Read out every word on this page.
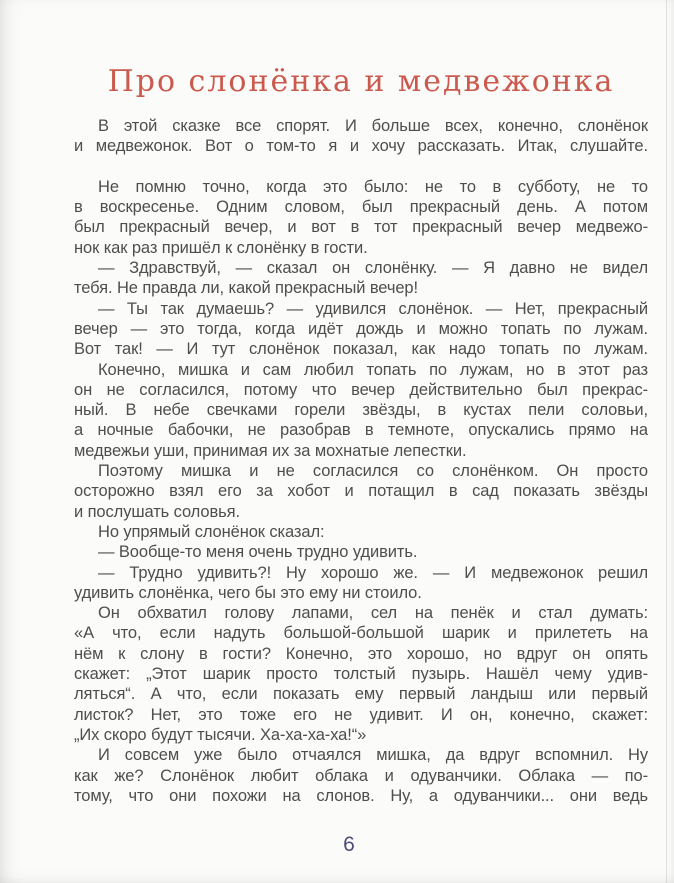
Про слонёнка и медвежонка
В этой сказке все спорят. И больше всех, конечно, слонёнок
и медвежонок. Вот о том-то я и хочу рассказать. Итак, слушайте.
Не помню точно, когда это было: не то в субботу, не то
в воскресенье. Одним словом, был прекрасный день. А потом
был прекрасный вечер, и вот в тот прекрасный вечер медвежо-
нок как раз пришёл к слонёнку в гости.
— Здравствуй, — сказал он слонёнку. — Я давно не видел
тебя. Не правда ли, какой прекрасный вечер!
— Ты так думаешь? — удивился слонёнок. — Нет, прекрасный
вечер — это тогда, когда идёт дождь и можно топать по лужам.
Вот так! — И тут слонёнок показал, как надо топать по лужам.
Конечно, мишка и сам любил топать по лужам, но в этот раз
он не согласился, потому что вечер действительно был прекрас-
ный. В небе свечками горели звёзды, в кустах пели соловьи,
а ночные бабочки, не разобрав в темноте, опускались прямо на
медвежьи уши, принимая их за мохнатые лепестки.
Поэтому мишка и не согласился со слонёнком. Он просто
осторожно взял его за хобот и потащил в сад показать звёзды
и послушать соловья.
Но упрямый слонёнок сказал:
— Вообще-то меня очень трудно удивить.
— Трудно удивить?! Ну хорошо же. — И медвежонок решил
удивить слонёнка, чего бы это ему ни стоило.
Он обхватил голову лапами, сел на пенёк и стал думать:
«А что, если надуть большой-большой шарик и прилететь на
нём к слону в гости? Конечно, это хорошо, но вдруг он опять
скажет: „Этот шарик просто толстый пузырь. Нашёл чему удив-
ляться“. А что, если показать ему первый ландыш или первый
листок? Нет, это тоже его не удивит. И он, конечно, скажет:
„Их скоро будут тысячи. Ха-ха-ха-ха!“»
И совсем уже было отчаялся мишка, да вдруг вспомнил. Ну
как же? Слонёнок любит облака и одуванчики. Облака — по-
тому, что они похожи на слонов. Ну, а одуванчики... они ведь
6
